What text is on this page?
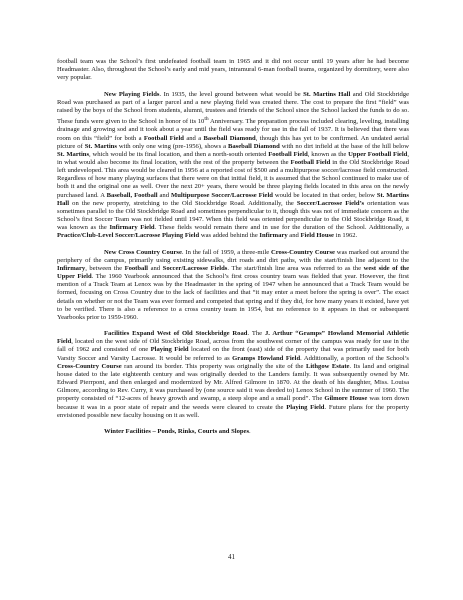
football team was the School’s first undefeated football team in 1965 and it did not occur until 19 years after he had become Headmaster. Also, throughout the School’s early and mid years, intramural 6-man football teams, organized by dormitory, were also very popular.

New Playing Fields. In 1935, the level ground between what would be St. Martins Hall and Old Stockbridge Road was purchased as part of a larger parcel and a new playing field was created there. The cost to prepare the first “field” was raised by the boys of the School from students, alumni, trustees and friends of the School since the School lacked the funds to do so. These funds were given to the School in honor of its 10th Anniversary. The preparation process included clearing, leveling, installing drainage and growing sod and it took about a year until the field was ready for use in the fall of 1937. It is believed that there was room on this “field” for both a Football Field and a Baseball Diamond, though this has yet to be confirmed. An undated aerial picture of St. Martins with only one wing (pre-1956), shows a Baseball Diamond with no dirt infield at the base of the hill below St. Martins, which would be its final location, and then a north-south oriented Football Field, known as the Upper Football Field, in what would also become its final location, with the rest of the property between the Football Field in the Old Stockbridge Road left undeveloped. This area would be cleared in 1956 at a reported cost of $500 and a multipurpose soccer/lacrosse field constructed. Regardless of how many playing surfaces that there were on that initial field, it is assumed that the School continued to make use of both it and the original one as well. Over the next 20+ years, there would be three playing fields located in this area on the newly purchased land. A Baseball, Football and Multipurpose Soccer/Lacrosse Field would be located in that order, below St. Martins Hall on the new property, stretching to the Old Stockbridge Road. Additionally, the Soccer/Lacrosse Field’s orientation was sometimes parallel to the Old Stockbridge Road and sometimes perpendicular to it, though this was not of immediate concern as the School’s first Soccer Team was not fielded until 1947. When this field was oriented perpendicular to the Old Stockbridge Road, it was known as the Infirmary Field. These fields would remain there and in use for the duration of the School. Additionally, a Practice/Club-Level Soccer/Lacrosse Playing Field was added behind the Infirmary and Field House in 1962.

New Cross Country Course. In the fall of 1959, a three-mile Cross-Country Course was marked out around the periphery of the campus, primarily using existing sidewalks, dirt roads and dirt paths, with the start/finish line adjacent to the Infirmary, between the Football and Soccer/Lacrosse Fields. The start/finish line area was referred to as the west side of the Upper Field. The 1960 Yearbook announced that the School’s first cross country team was fielded that year. However, the first mention of a Track Team at Lenox was by the Headmaster in the spring of 1947 when he announced that a Track Team would be formed, focusing on Cross Country due to the lack of facilities and that “it may enter a meet before the spring is over”. The exact details on whether or not the Team was ever formed and competed that spring and if they did, for how many years it existed, have yet to be verified. There is also a reference to a cross country team in 1954, but no reference to it appears in that or subsequent Yearbooks prior to 1959-1960.

Facilities Expand West of Old Stockbridge Road. The J. Arthur “Gramps” Howland Memorial Athletic Field, located on the west side of Old Stockbridge Road, across from the southwest corner of the campus was ready for use in the fall of 1962 and consisted of one Playing Field located on the front (east) side of the property that was primarily used for both Varsity Soccer and Varsity Lacrosse. It would be referred to as Gramps Howland Field. Additionally, a portion of the School’s Cross-Country Course ran around its border. This property was originally the site of the Lithgow Estate. Its land and original house dated to the late eighteenth century and was originally deeded to the Landers family. It was subsequently owned by Mr. Edward Pierrpont, and then enlarged and modernized by Mr. Alfred Gilmore in 1870. At the death of his daughter, Miss. Louisa Gilmore, according to Rev. Curry, it was purchased by (one source said it was deeded to) Lenox School in the summer of 1960. The property consisted of “12-acres of heavy growth and swamp, a steep slope and a small pond”. The Gilmore House was torn down because it was in a poor state of repair and the weeds were cleared to create the Playing Field. Future plans for the property envisioned possible new faculty housing on it as well.

Winter Facilities – Ponds, Rinks, Courts and Slopes.

41
